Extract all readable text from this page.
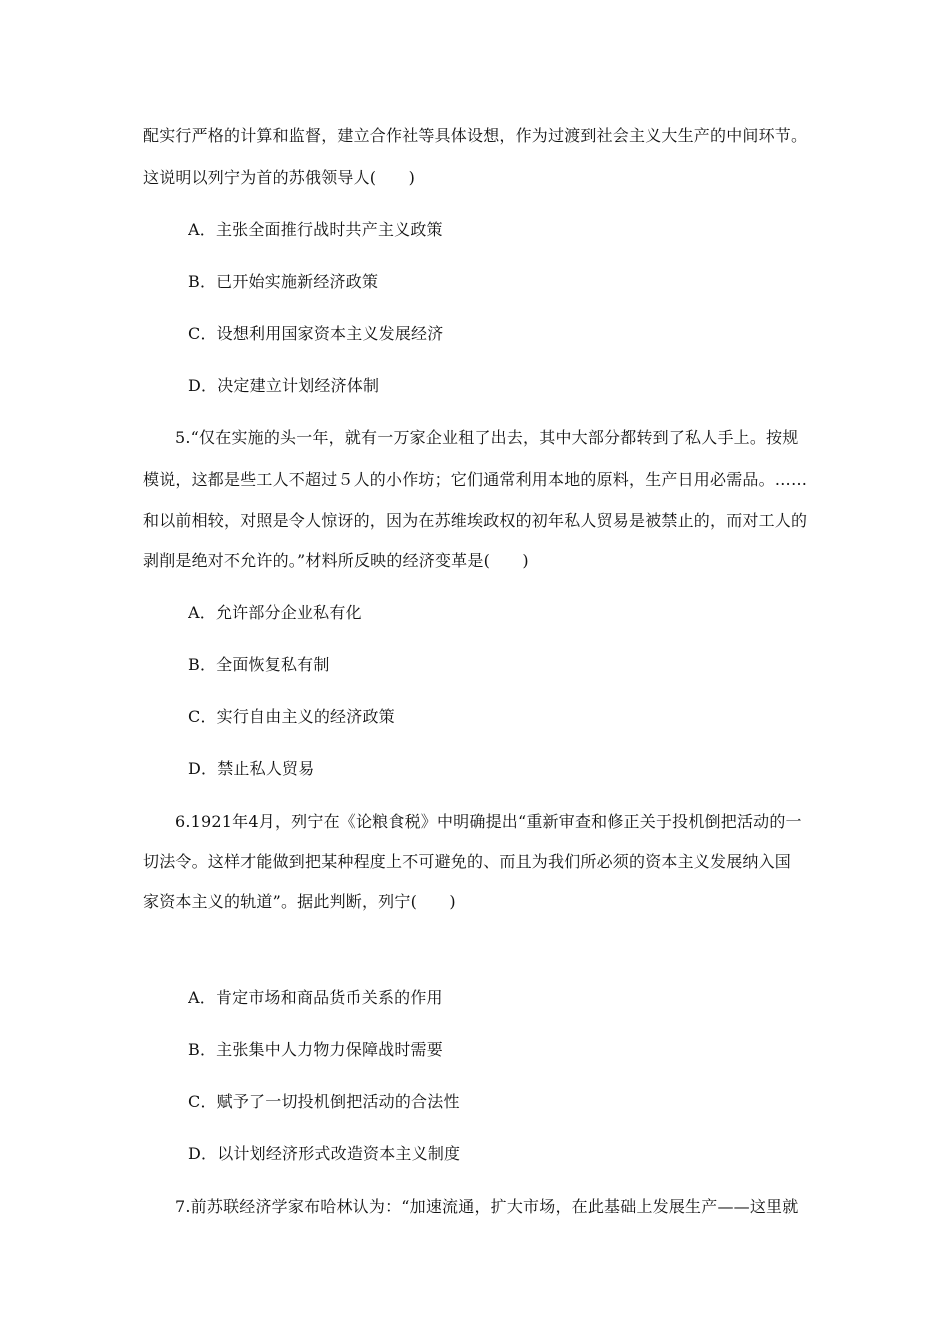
配实行严格的计算和监督，建立合作社等具体设想，作为过渡到社会主义大生产的中间环节。
这说明以列宁为首的苏俄领导人(　　)
A．主张全面推行战时共产主义政策
B．已开始实施新经济政策
C．设想利用国家资本主义发展经济
D．决定建立计划经济体制
5.“仅在实施的头一年，就有一万家企业租了出去，其中大部分都转到了私人手上。按规
模说，这都是些工人不超过５人的小作坊；它们通常利用本地的原料，生产日用必需品。……
和以前相较，对照是令人惊讶的，因为在苏维埃政权的初年私人贸易是被禁止的，而对工人的
剥削是绝对不允许的。”材料所反映的经济变革是(　　)
A．允许部分企业私有化
B．全面恢复私有制
C．实行自由主义的经济政策
D．禁止私人贸易
6.1921年4月，列宁在《论粮食税》中明确提出“重新审查和修正关于投机倒把活动的一
切法令。这样才能做到把某种程度上不可避免的、而且为我们所必须的资本主义发展纳入国
家资本主义的轨道”。据此判断，列宁(　　)
A．肯定市场和商品货币关系的作用
B．主张集中人力物力保障战时需要
C．赋予了一切投机倒把活动的合法性
D．以计划经济形式改造资本主义制度
7.前苏联经济学家布哈林认为：“加速流通，扩大市场，在此基础上发展生产——这里就
